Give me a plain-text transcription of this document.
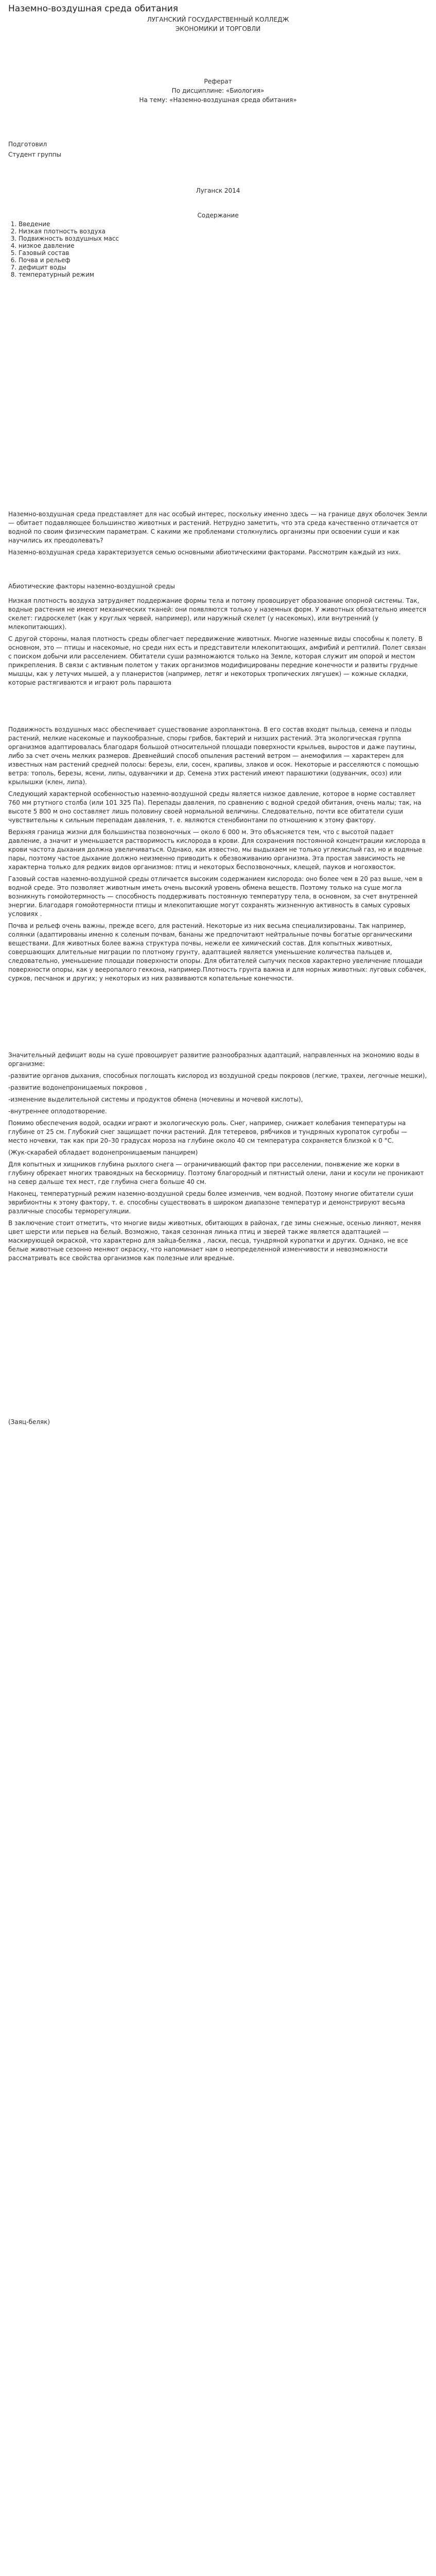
Наземно-воздушная среда обитания
ЛУГАНСКИЙ ГОСУДАРСТВЕННЫЙ КОЛЛЕДЖ
ЭКОНОМИКИ И ТОРГОВЛИ
Реферат
По дисциплине: «Биология»
На тему: «Наземно-воздушная среда обитания»
Подготовил
Студент группы
Луганск 2014
Содержание
1. Введение
2. Низкая плотность воздуха
3. Подвижность воздушных масс
4. низкое давление
5. Газовый состав
6. Почва и рельеф
7. дефицит воды
8. температурный режим

Наземно-воздушная среда представляет для нас особый интерес, поскольку именно здесь — на границе двух оболочек Земли — обитает подавляющее большинство животных и растений. Нетрудно заметить, что эта среда качественно отличается от водной по своим физическим параметрам. С какими же проблемами столкнулись организмы при освоении суши и как научились их преодолевать?

Наземно-воздушная среда характеризуется семью основными абиотическими факторами. Рассмотрим каждый из них.

Абиотические факторы наземно-воздушной среды

Низкая плотность воздуха затрудняет поддержание формы тела и потому провоцирует образование опорной системы. Так, водные растения не имеют механических тканей: они появляются только у наземных форм. У животных обязательно имеется скелет: гидроскелет (как у круглых червей, например), или наружный скелет (у насекомых), или внутренний (у млекопитающих).

С другой стороны, малая плотность среды облегчает передвижение животных. Многие наземные виды способны к полету. В основном, это — птицы и насекомые, но среди них есть и представители млекопитающих, амфибий и рептилий. Полет связан с поиском добычи или расселением. Обитатели суши размножаются только на Земле, которая служит им опорой и местом прикрепления. В связи с активным полетом у таких организмов модифицированы передние конечности и развиты грудные мышцы, как у летучих мышей, а у планеристов (например, летяг и некоторых тропических лягушек) — кожные складки, которые растягиваются и играют роль парашюта

Подвижность воздушных масс обеспечивает существование аэропланктона. В его состав входят пыльца, семена и плоды растений, мелкие насекомые и паукообразные, споры грибов, бактерий и низших растений. Эта экологическая группа организмов адаптировалась благодаря большой относительной площади поверхности крыльев, выростов и даже паутины, либо за счет очень мелких размеров. Древнейший способ опыления растений ветром — анемофилия — характерен для известных нам растений средней полосы: березы, ели, сосен, крапивы, злаков и осок. Некоторые и расселяются с помощью ветра: тополь, березы, ясени, липы, одуванчики и др. Семена этих растений имеют парашютики (одуванчик, осоз) или крылышки (клен, липа).

Следующий характерной особенностью наземно-воздушной среды является низкое давление, которое в норме составляет 760 мм ртутного столба (или 101 325 Па). Перепады давления, по сравнению с водной средой обитания, очень малы; так, на высоте 5 800 м оно составляет лишь половину своей нормальной величины. Следовательно, почти все обитатели суши чувствительны к сильным перепадам давления, т. е. являются стенобионтами по отношению к этому фактору.

Верхняя граница жизни для большинства позвоночных — около 6 000 м. Это объясняется тем, что с высотой падает давление, а значит и уменьшается растворимость кислорода в крови. Для сохранения постоянной концентрации кислорода в крови частота дыхания должна увеличиваться. Однако, как известно, мы выдыхаем не только углекислый газ, но и водяные пары, поэтому частое дыхание должно неизменно приводить к обезвоживанию организма. Эта простая зависимость не характерна только для редких видов организмов: птиц и некоторых беспозвоночных, клещей, пауков и ногохвосток.

Газовый состав наземно-воздушной среды отличается высоким содержанием кислорода: оно более чем в 20 раз выше, чем в водной среде. Это позволяет животным иметь очень высокий уровень обмена веществ. Поэтому только на суше могла возникнуть гомойотермность — способность поддерживать постоянную температуру тела, в основном, за счет внутренней энергии. Благодаря гомойотермности птицы и млекопитающие могут сохранять жизненную активность в самых суровых условиях .

Почва и рельеф очень важны, прежде всего, для растений. Некоторые из них весьма специализированы. Так например, солянки (адаптированы именно к соленым почвам, бананы же предпочитают нейтральные почвы богатые органическими веществами. Для животных более важна структура почвы, нежели ее химический состав. Для копытных животных, совершающих длительные миграции по плотному грунту, адаптацией является уменьшение количества пальцев и, следовательно, уменьшение площади поверхности опоры. Для обитателей сыпучих песков характерно увеличение площади поверхности опоры, как у вееропалого геккона, например.Плотность грунта важна и для норных животных: луговых собачек, сурков, песчанок и других; у некоторых из них развиваются копательные конечности.

Значительный дефицит воды на суше провоцирует развитие разнообразных адаптаций, направленных на экономию воды в организме:

-развитие органов дыхания, способных поглощать кислород из воздушной среды покровов (легкие, трахеи, легочные мешки),

-развитие водонепроницаемых покровов ,

-изменение выделительной системы и продуктов обмена (мочевины и мочевой кислоты),

-внутреннее оплодотворение.

Помимо обеспечения водой, осадки играют и экологическую роль. Снег, например, снижает колебания температуры на глубине от 25 см. Глубокий снег защищает почки растений. Для тетеревов, рябчиков и тундряных куропаток сугробы — место ночевки, так как при 20–30 градусах мороза на глубине около 40 см температура сохраняется близкой к 0 °С.

(Жук-скарабей обладает водонепроницаемым панцирем)

Для копытных и хищников глубина рыхлого снега — ограничивающий фактор при расселении, понвжение же корки в глубину обрекает многих травоядных на бескормицу. Поэтому благородный и пятнистый олени, лани и косули не проникают на север дальше тех мест, где глубина снега больше 40 см.

Наконец, температурный режим наземно-воздушной среды более изменчив, чем водной. Поэтому многие обитатели суши эврибионтны к этому фактору, т. е. способны существовать в широком диапазоне температур и демонстрируют весьма различные способы терморегуляции.

В заключение стоит отметить, что многие виды животных, обитающих в районах, где зимы снежные, осенью линяют, меняя цвет шерсти или перьев на белый. Возможно, такая сезонная линька птиц и зверей также является адаптацией — маскирующей окраской, что характерно для зайца-беляка , ласки, песца, тундряной куропатки и других. Однако, не все белые животные сезонно меняют окраску, что напоминает нам о неопределенной изменчивости и невозможности рассматривать все свойства организмов как полезные или вредные.

(Заяц-беляк)
